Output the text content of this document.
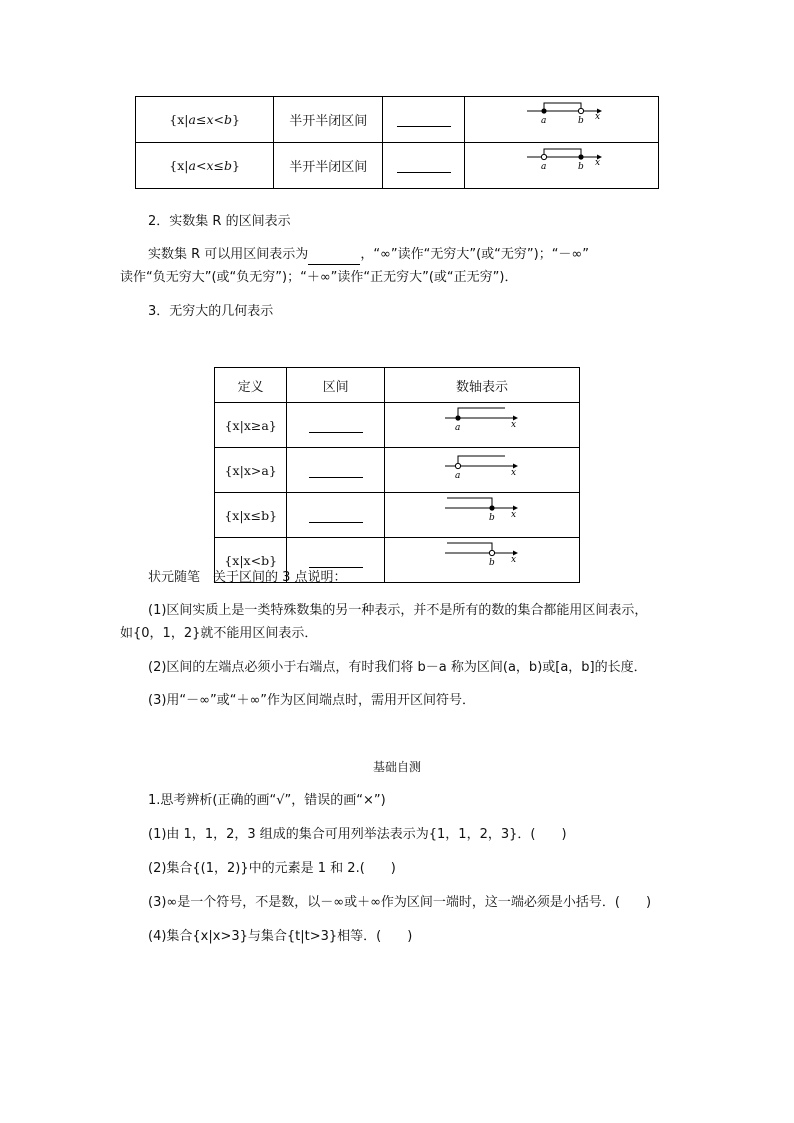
{x|a≤x<b}	半开半闭区间		a b x

{x|a<x≤b}	半开半闭区间		a b x
2．实数集 R 的区间表示
实数集 R 可以用区间表示为	，“∞”读作“无穷大”(或“无穷”)；“－∞”
读作“负无穷大”(或“负无穷”)；“＋∞”读作“正无穷大”(或“正无穷”)．
3．无穷大的几何表示
定义	区间	数轴表示
{x|x≥a}		a x

{x|x>a}		a x

{x|x≤b}		b x

{x|x<b}		b x
状元随笔　关于区间的 3 点说明：
(1)区间实质上是一类特殊数集的另一种表示，并不是所有的数的集合都能用区间表示，
如{0，1，2}就不能用区间表示．
(2)区间的左端点必须小于右端点，有时我们将 b－a 称为区间(a，b)或[a，b]的长度．
(3)用“－∞”或“＋∞”作为区间端点时，需用开区间符号．
基础自测
1.思考辨析(正确的画“√”，错误的画“×”)
(1)由 1，1，2，3 组成的集合可用列举法表示为{1，1，2，3}．(　　)
(2)集合{(1，2)}中的元素是 1 和 2.(　　)
(3)∞是一个符号，不是数，以－∞或＋∞作为区间一端时，这一端必须是小括号．(　　)
(4)集合{x|x>3}与集合{t|t>3}相等．(　　)
